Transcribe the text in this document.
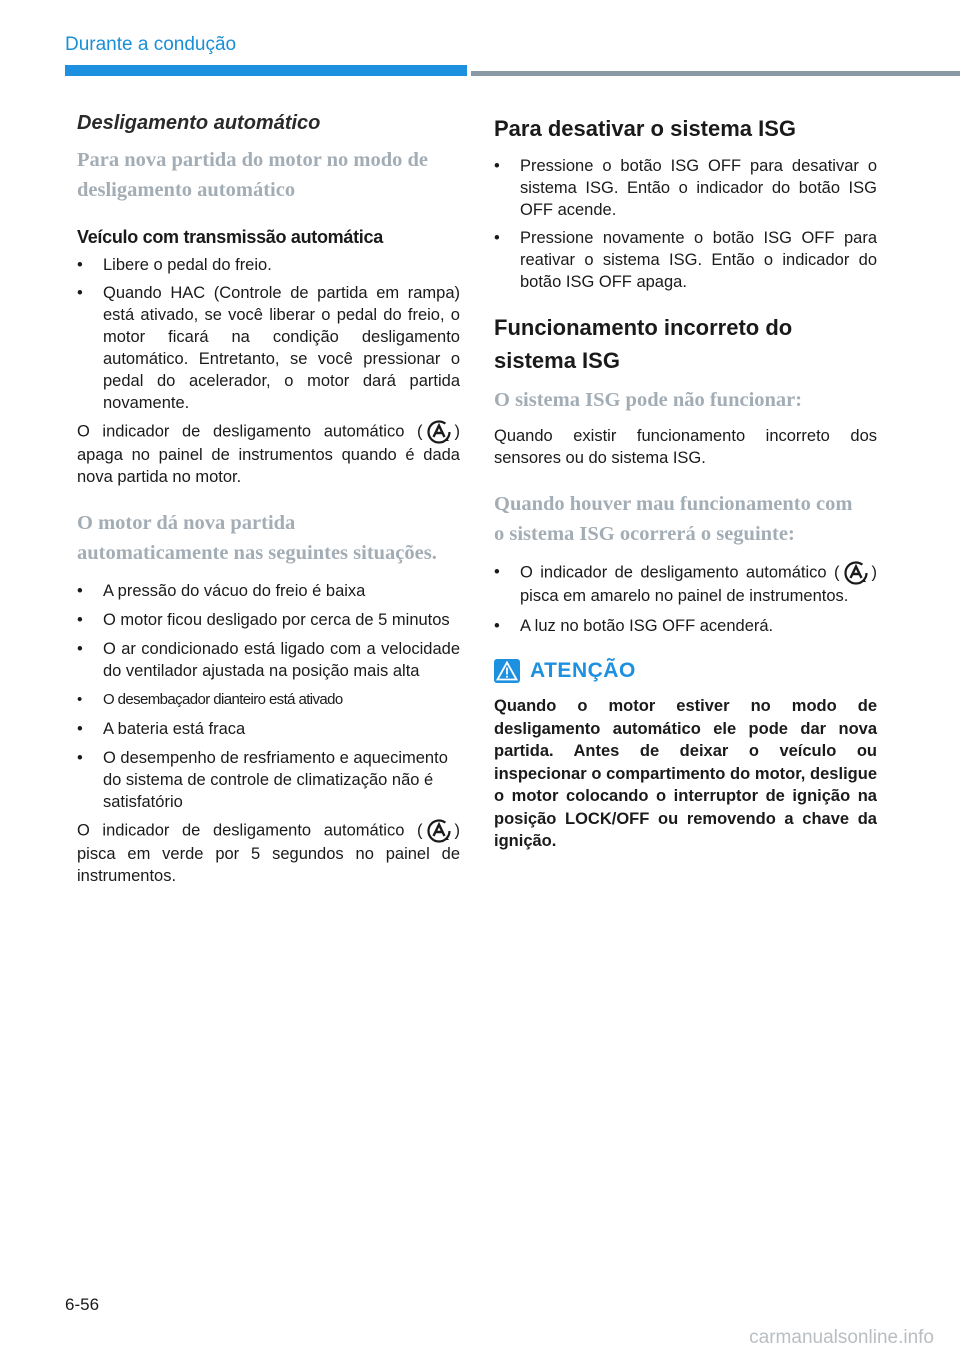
Durante a condução

Desligamento automático

Para nova partida do motor no modo de desligamento automático

Veículo com transmissão automática

• Libere o pedal do freio.
• Quando HAC (Controle de partida em rampa) está ativado, se você liberar o pedal do freio, o motor ficará na condição desligamento automático. Entretanto, se você pressionar o pedal do acelerador, o motor dará partida novamente.

O indicador de desligamento automático ( ) apaga no painel de instrumentos quando é dada nova partida no motor.

O motor dá nova partida automaticamente nas seguintes situações.

• A pressão do vácuo do freio é baixa
• O motor ficou desligado por cerca de 5 minutos
• O ar condicionado está ligado com a velocidade do ventilador ajustada na posição mais alta
• O desembaçador dianteiro está ativado
• A bateria está fraca
• O desempenho de resfriamento e aquecimento do sistema de controle de climatização não é satisfatório

O indicador de desligamento automático ( ) pisca em verde por 5 segundos no painel de instrumentos.

Para desativar o sistema ISG

• Pressione o botão ISG OFF para desativar o sistema ISG. Então o indicador do botão ISG OFF acende.
• Pressione novamente o botão ISG OFF para reativar o sistema ISG. Então o indicador do botão ISG OFF apaga.

Funcionamento incorreto do sistema ISG

O sistema ISG pode não funcionar:

Quando existir funcionamento incorreto dos sensores ou do sistema ISG.

Quando houver mau funcionamento com o sistema ISG ocorrerá o seguinte:

• O indicador de desligamento automático ( ) pisca em amarelo no painel de instrumentos.
• A luz no botão ISG OFF acenderá.
ATENÇÃO

Quando o motor estiver no modo de desligamento automático ele pode dar nova partida. Antes de deixar o veículo ou inspecionar o compartimento do motor, desligue o motor colocando o interruptor de ignição na posição LOCK/OFF ou removendo a chave da ignição.

6-56
carmanualsonline.info
